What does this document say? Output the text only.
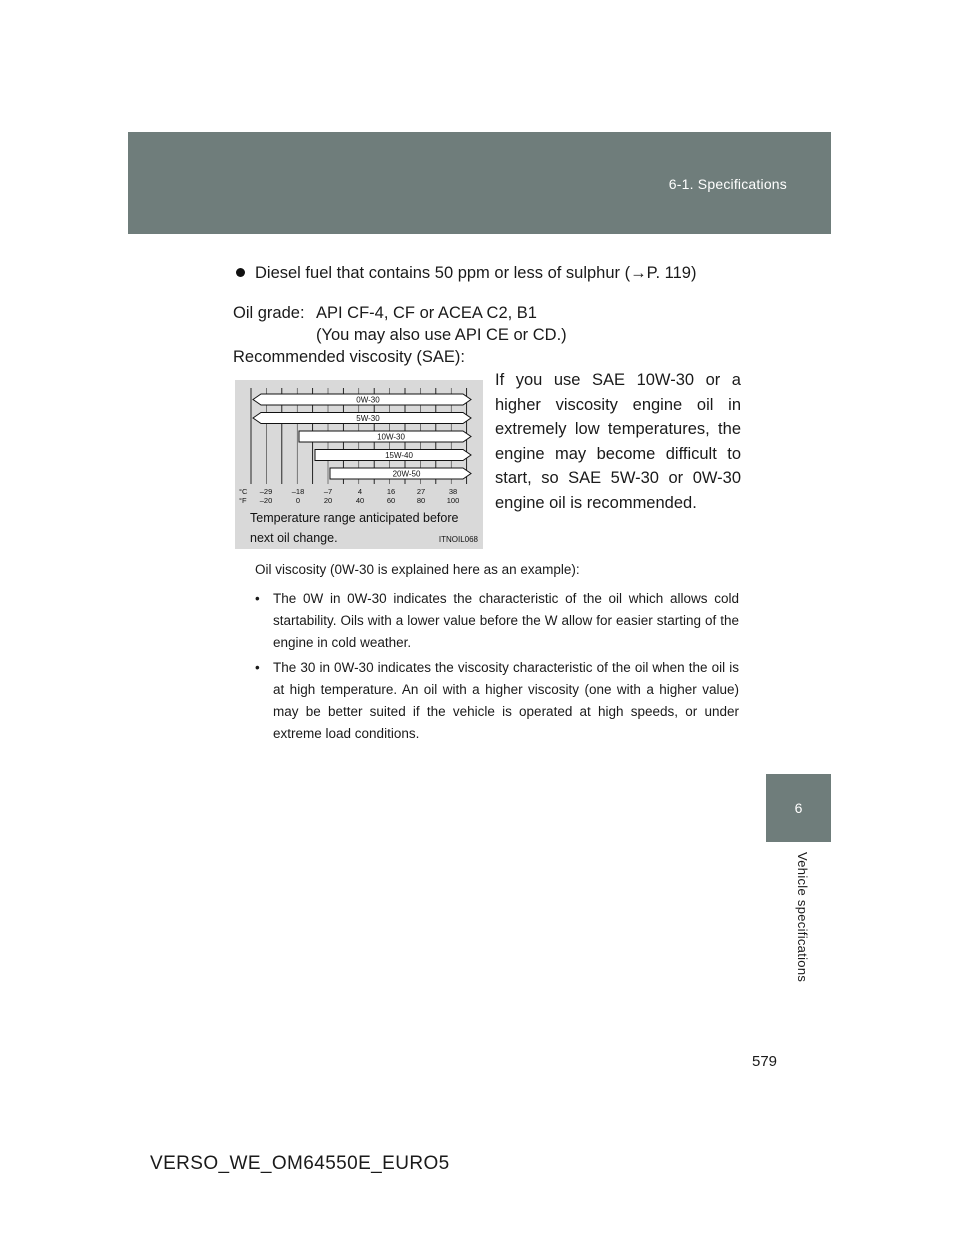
6-1. Specifications
6
Vehicle specifications
Diesel fuel that contains 50 ppm or less of sulphur (→P. 119)
Oil grade: API CF-4, CF or ACEA C2, B1
(You may also use API CE or CD.)
Recommended viscosity (SAE):
0W-30
5W-30
10W-30
15W-40
20W-50
°C
°F
–29	–18	–7	4	16	27	38
–20	0	20	40	60	80	100
Temperature range anticipated before
next oil change.	ITNOIL068
If you use SAE 10W-30 or a higher viscosity engine oil in extremely low temperatures, the engine may become difficult to start, so SAE 5W-30 or 0W-30 engine oil is recommended.
Oil viscosity (0W-30 is explained here as an example):
• The 0W in 0W-30 indicates the characteristic of the oil which allows cold startability. Oils with a lower value before the W allow for easier starting of the engine in cold weather.
• The 30 in 0W-30 indicates the viscosity characteristic of the oil when the oil is at high temperature. An oil with a higher viscosity (one with a higher value) may be better suited if the vehicle is operated at high speeds, or under extreme load conditions.
579
VERSO_WE_OM64550E_EURO5
